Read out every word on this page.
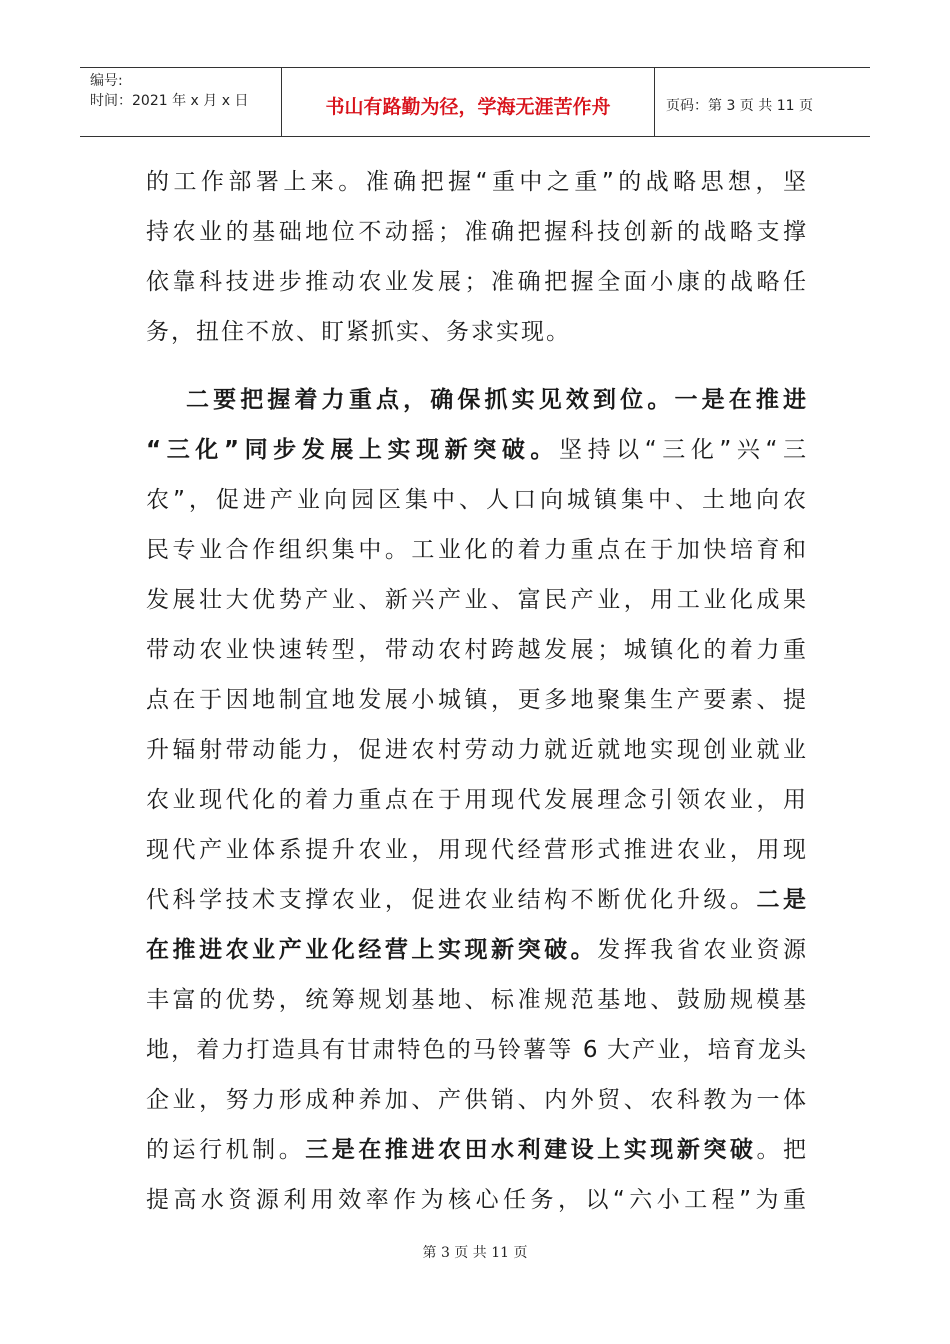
编号:
时间：2021 年 x 月 x 日	书山有路勤为径，学海无涯苦作舟	页码：第 3 页 共 11 页
的工作部署上来。准确把握“重中之重”的战略思想，坚
持农业的基础地位不动摇；准确把握科技创新的战略支撑
依靠科技进步推动农业发展；准确把握全面小康的战略任
务，扭住不放、盯紧抓实、务求实现。
二要把握着力重点，确保抓实见效到位。一是在推进
“三化”同步发展上实现新突破。坚持以“三化”兴“三
农”，促进产业向园区集中、人口向城镇集中、土地向农
民专业合作组织集中。工业化的着力重点在于加快培育和
发展壮大优势产业、新兴产业、富民产业，用工业化成果
带动农业快速转型，带动农村跨越发展；城镇化的着力重
点在于因地制宜地发展小城镇，更多地聚集生产要素、提
升辐射带动能力，促进农村劳动力就近就地实现创业就业
农业现代化的着力重点在于用现代发展理念引领农业，用
现代产业体系提升农业，用现代经营形式推进农业，用现
代科学技术支撑农业，促进农业结构不断优化升级。二是
在推进农业产业化经营上实现新突破。发挥我省农业资源
丰富的优势，统筹规划基地、标准规范基地、鼓励规模基
地，着力打造具有甘肃特色的马铃薯等 6 大产业，培育龙头
企业，努力形成种养加、产供销、内外贸、农科教为一体
的运行机制。三是在推进农田水利建设上实现新突破。把
提高水资源利用效率作为核心任务，以“六小工程”为重
第 3 页 共 11 页
